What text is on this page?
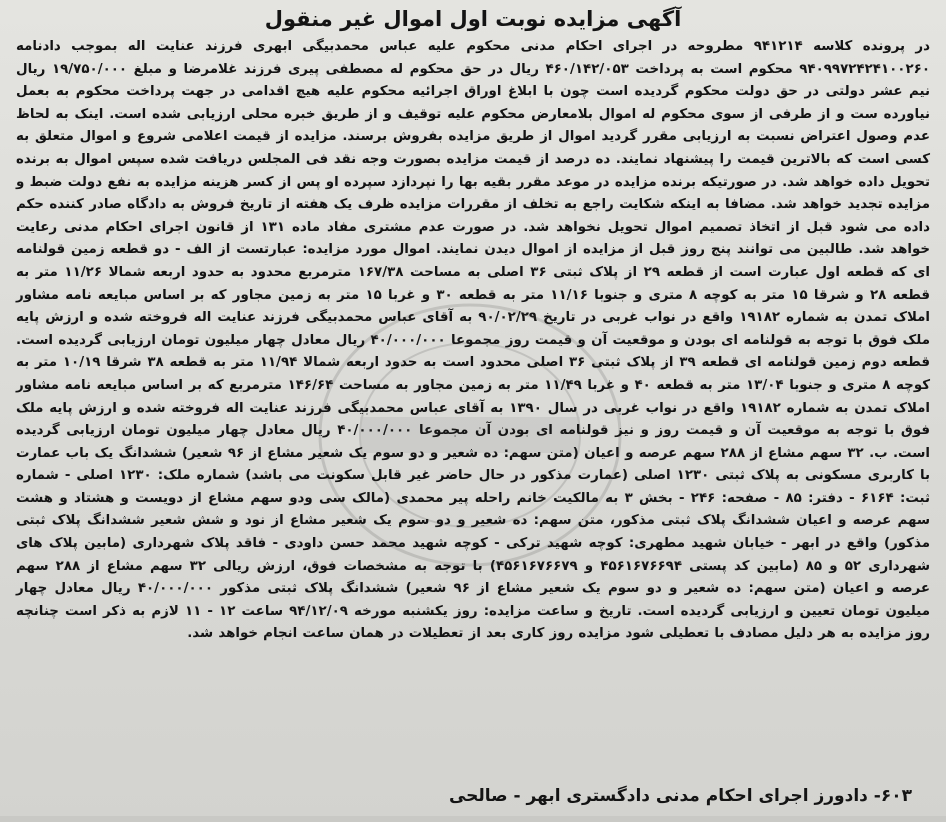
آگهی مزایده نوبت اول اموال غیر منقول

در پرونده کلاسه ۹۴۱۲۱۴ مطروحه در اجرای احکام مدنی محکوم علیه عباس محمدبیگی ابهری فرزند عنایت اله بموجب دادنامه ۹۴۰۹۹۷۲۴۲۴۱۰۰۲۶۰ محکوم است به پرداخت ۴۶۰/۱۴۲/۰۵۳ ریال در حق محکوم له مصطفی پیری فرزند غلامرضا و مبلغ ۱۹/۷۵۰/۰۰۰ ریال نیم عشر دولتی در حق دولت محکوم گردیده است چون با ابلاغ اوراق اجرائیه محکوم علیه هیچ اقدامی در جهت پرداخت محکوم به بعمل نیاورده ست و از طرفی از سوی محکوم له اموال بلامعارض محکوم علیه توقیف و از طریق خبره محلی ارزیابی شده است. اینک به لحاظ عدم وصول اعتراض نسبت به ارزیابی مقرر گردید اموال از طریق مزایده بفروش برسند. مزایده از قیمت اعلامی شروع و اموال متعلق به کسی است که بالاترین قیمت را پیشنهاد نمایند. ده درصد از قیمت مزایده بصورت وجه نقد فی المجلس دریافت شده سپس اموال به برنده تحویل داده خواهد شد. در صورتیکه برنده مزایده در موعد مقرر بقیه بها را نپردازد سپرده او پس از کسر هزینه مزایده به نفع دولت ضبط و مزایده تجدید خواهد شد. مضافا به اینکه شکایت راجع به تخلف از مقررات مزایده ظرف یک هفته از تاریخ فروش به دادگاه صادر کننده حکم داده می شود قبل از اتخاذ تصمیم اموال تحویل نخواهد شد. در صورت عدم مشتری مفاد ماده ۱۳۱ از قانون اجرای احکام مدنی رعایت خواهد شد. طالبین می توانند پنج روز قبل از مزایده از اموال دیدن نمایند. اموال مورد مزایده: عبارتست از الف - دو قطعه زمین قولنامه ای که قطعه اول عبارت است از قطعه ۲۹ از پلاک ثبتی ۳۶ اصلی به مساحت ۱۶۷/۳۸ مترمربع محدود به حدود اربعه شمالا ۱۱/۲۶ متر به قطعه ۲۸ و شرقا ۱۵ متر به کوچه ۸ متری و جنوبا ۱۱/۱۶ متر به قطعه ۳۰ و غربا ۱۵ متر به زمین مجاور که بر اساس مبایعه نامه مشاور املاک تمدن به شماره ۱۹۱۸۲ واقع در نواب غربی در تاریخ ۹۰/۰۲/۲۹ به آقای عباس محمدبیگی فرزند عنایت اله فروخته شده و ارزش پایه ملک فوق با توجه به قولنامه ای بودن و موقعیت آن و قیمت روز مجموعا ۴۰/۰۰۰/۰۰۰ ریال معادل چهار میلیون تومان ارزیابی گردیده است. قطعه دوم زمین قولنامه ای قطعه ۳۹ از پلاک ثبتی ۳۶ اصلی محدود است به حدود اربعه شمالا ۱۱/۹۴ متر به قطعه ۳۸ شرقا ۱۰/۱۹ متر به کوچه ۸ متری و جنوبا ۱۳/۰۴ متر به قطعه ۴۰ و غربا ۱۱/۴۹ متر به زمین مجاور به مساحت ۱۴۶/۶۴ مترمربع که بر اساس مبایعه نامه مشاور املاک تمدن به شماره ۱۹۱۸۲ واقع در نواب غربی در سال ۱۳۹۰ به آقای عباس محمدبیگی فرزند عنایت اله فروخته شده و ارزش پایه ملک فوق با توجه به موقعیت آن و قیمت روز و نیز قولنامه ای بودن آن مجموعا ۴۰/۰۰۰/۰۰۰ ریال معادل چهار میلیون تومان ارزیابی گردیده است. ب. ۳۲ سهم مشاع از ۲۸۸ سهم عرصه و اعیان (متن سهم: ده شعیر و دو سوم یک شعیر مشاع از ۹۶ شعیر) ششدانگ یک باب عمارت با کاربری مسکونی به پلاک ثبتی ۱۲۳۰ اصلی (عمارت مذکور در حال حاضر غیر قابل سکونت می باشد) شماره ملک: ۱۲۳۰ اصلی - شماره ثبت: ۶۱۶۴ - دفتر: ۸۵ - صفحه: ۲۴۶ - بخش ۳ به مالکیت خانم راحله پیر محمدی (مالک سی ودو سهم مشاع از دویست و هشتاد و هشت سهم عرصه و اعیان ششدانگ پلاک ثبتی مذکور، متن سهم: ده شعیر و دو سوم یک شعیر مشاع از نود و شش شعیر ششدانگ پلاک ثبتی مذکور) واقع در ابهر - خیابان شهید مطهری: کوچه شهید ترکی - کوچه شهید محمد حسن داودی - فاقد پلاک شهرداری (مابین پلاک های شهرداری ۵۲ و ۸۵ (مابین کد پستی ۴۵۶۱۶۷۶۶۹۴ و ۴۵۶۱۶۷۶۶۷۹) با توجه به مشخصات فوق، ارزش ریالی ۳۲ سهم مشاع از ۲۸۸ سهم عرصه و اعیان (متن سهم: ده شعیر و دو سوم یک شعیر مشاع از ۹۶ شعیر) ششدانگ پلاک ثبتی مذکور ۴۰/۰۰۰/۰۰۰ ریال معادل چهار میلیون تومان تعیین و ارزیابی گردیده است. تاریخ و ساعت مزایده: روز یکشنبه مورخه ۹۴/۱۲/۰۹ ساعت ۱۲ - ۱۱ لازم به ذکر است چنانچه روز مزایده به هر دلیل مصادف با تعطیلی شود مزایده روز کاری بعد از تعطیلات در همان ساعت انجام خواهد شد.

۶۰۳- دادورز اجرای احکام مدنی دادگستری ابهر - صالحی
